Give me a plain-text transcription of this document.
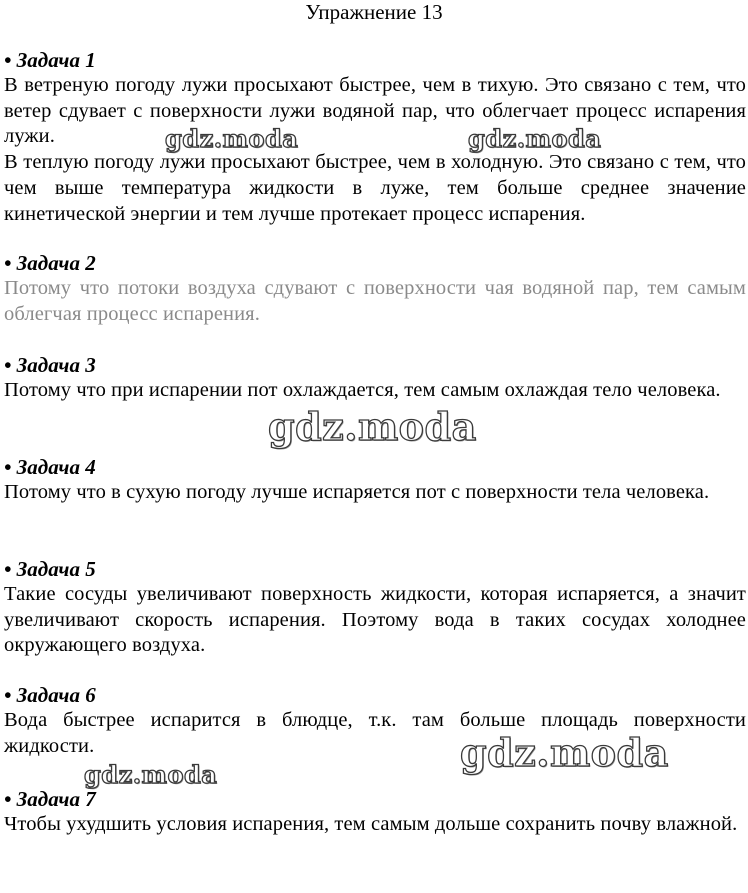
Упражнение 13

• Задача 1

В ветреную погоду лужи просыхают быстрее, чем в тихую. Это связано с тем, что ветер сдувает с поверхности лужи водяной пар, что облегчает процесс испарения лужи.

В теплую погоду лужи просыхают быстрее, чем в холодную. Это связано с тем, что чем выше температура жидкости в луже, тем больше среднее значение кинетической энергии и тем лучше протекает процесс испарения.

• Задача 2

Потому что потоки воздуха сдувают с поверхности чая водяной пар, тем самым облегчая процесс испарения.

• Задача 3

Потому что при испарении пот охлаждается, тем самым охлаждая тело человека.

• Задача 4

Потому что в сухую погоду лучше испаряется пот с поверхности тела человека.

• Задача 5

Такие сосуды увеличивают поверхность жидкости, которая испаряется, а значит увеличивают скорость испарения. Поэтому вода в таких сосудах холоднее окружающего воздуха.

• Задача 6

Вода быстрее испарится в блюдце, т.к. там больше площадь поверхности жидкости.

• Задача 7

Чтобы ухудшить условия испарения, тем самым дольше сохранить почву влажной.

gdz.moda	gdz.moda
gdz.moda
gdz.moda
gdz.moda
